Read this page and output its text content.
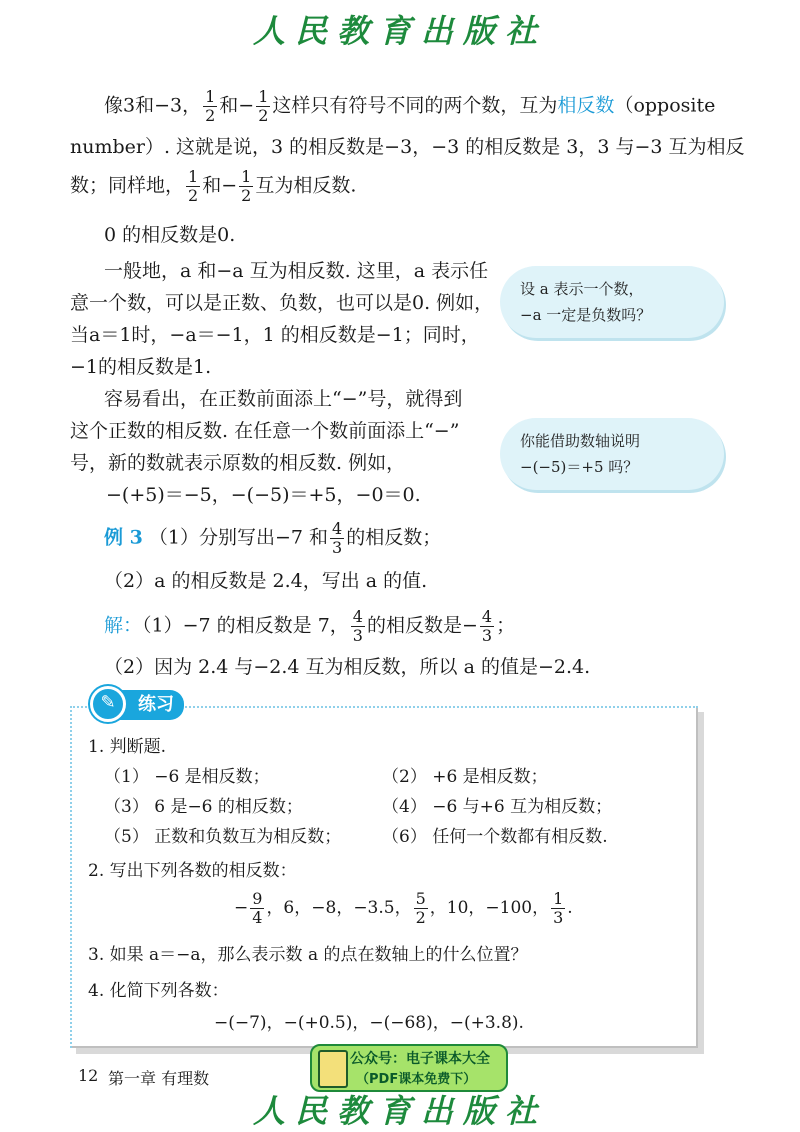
人民教育出版社
像3和−3， $\frac{1}{2}$ 和− $\frac{1}{2}$ 这样只有符号不同的两个数，互为相反数（opposite
number）. 这就是说，3 的相反数是−3，−3 的相反数是 3，3 与−3 互为相反
数；同样地， $\frac{1}{2}$ 和− $\frac{1}{2}$ 互为相反数.
0 的相反数是0.
一般地，a 和−a 互为相反数. 这里，a 表示任
意一个数，可以是正数、负数，也可以是0. 例如，
当a＝1时，−a＝−1，1 的相反数是−1；同时，
−1的相反数是1.
容易看出，在正数前面添上“−”号，就得到
这个正数的相反数. 在任意一个数前面添上“−”
号，新的数就表示原数的相反数. 例如，
−(+5)＝−5，−(−5)＝+5，−0＝0.
设 a 表示一个数，
−a 一定是负数吗？
你能借助数轴说明
−(−5)＝+5 吗？
例 3 （1）分别写出−7 和 $\frac{4}{3}$ 的相反数；
（2）a 的相反数是 2.4，写出 a 的值.
解：（1）−7 的相反数是 7， $\frac{4}{3}$ 的相反数是− $\frac{4}{3}$ ；
（2）因为 2.4 与−2.4 互为相反数，所以 a 的值是−2.4.
练习
✎
1. 判断题.
（1） −6 是相反数；	（2） +6 是相反数；
（3） 6 是−6 的相反数；	（4） −6 与+6 互为相反数；
（5） 正数和负数互为相反数； （6） 任何一个数都有相反数.
2. 写出下列各数的相反数：
− $\frac{9}{4}$ ，6，−8，−3.5， $\frac{5}{2}$ ，10，−100， $\frac{1}{3}$ .
3. 如果 a＝−a，那么表示数 a 的点在数轴上的什么位置？
4. 化简下列各数：
−(−7)，−(+0.5)，−(−68)，−(+3.8).
12 第一章 有理数
公众号：电子课本大全
（PDF课本免费下）
人民教育出版社
